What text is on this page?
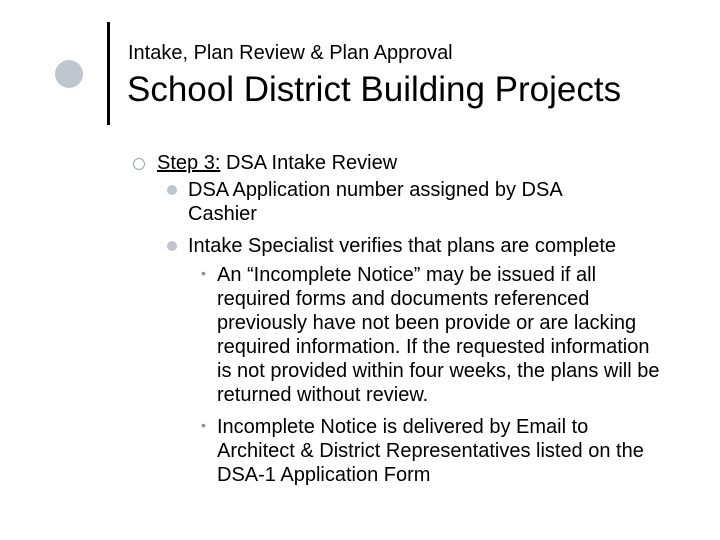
Intake, Plan Review & Plan Approval
School District Building Projects
Step 3: DSA Intake Review
DSA Application number assigned by DSA Cashier
Intake Specialist verifies that plans are complete
• An “Incomplete Notice” may be issued if all required forms and documents referenced previously have not been provide or are lacking required information. If the requested information is not provided within four weeks, the plans will be returned without review.
• Incomplete Notice is delivered by Email to Architect & District Representatives listed on the DSA-1 Application Form
